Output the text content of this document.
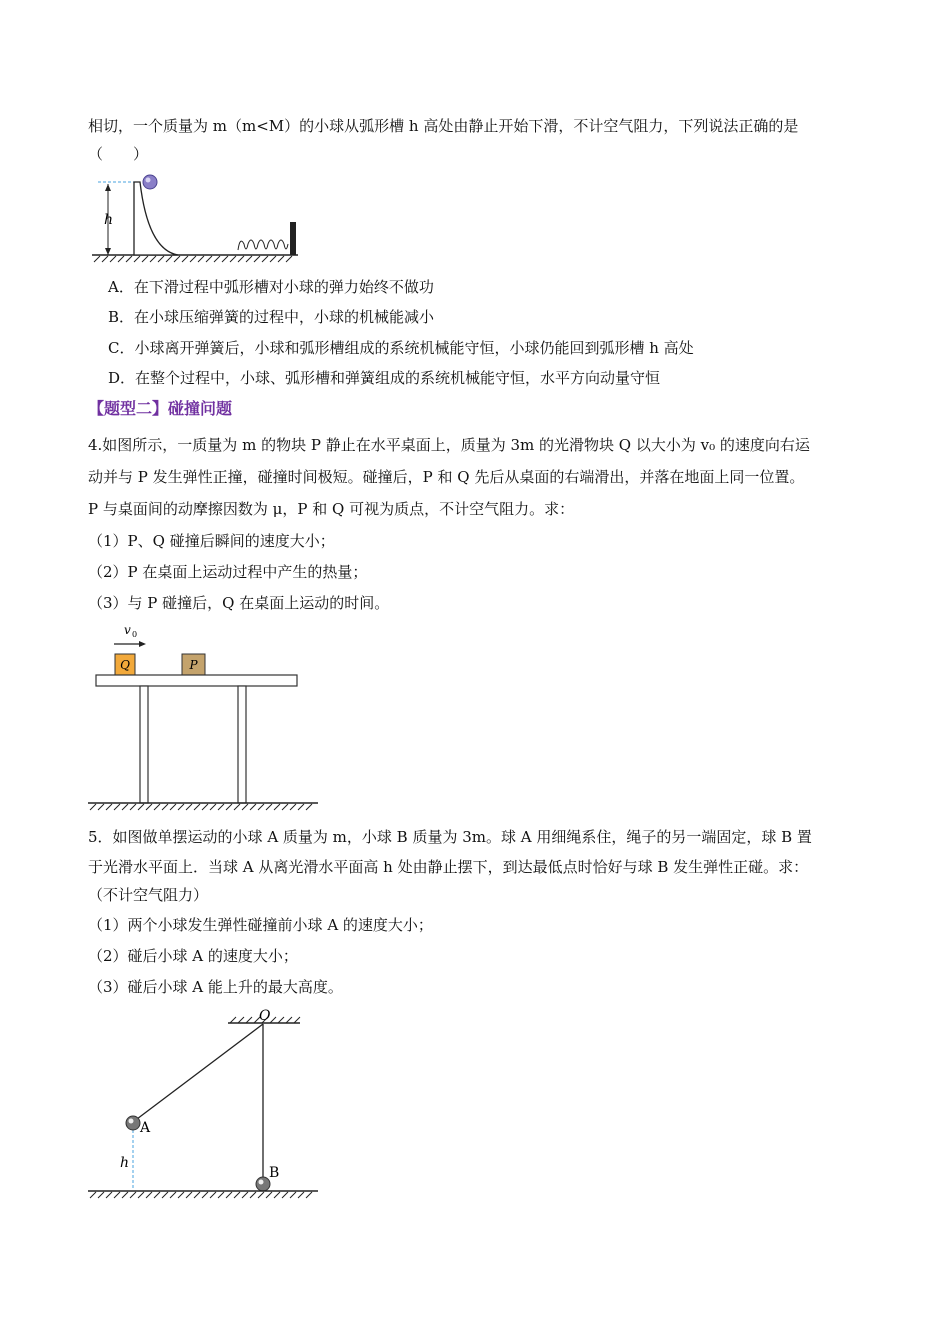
相切，一个质量为 m（m<M）的小球从弧形槽 h 高处由静止开始下滑，不计空气阻力，下列说法正确的是
（　　）
h
A．在下滑过程中弧形槽对小球的弹力始终不做功
B．在小球压缩弹簧的过程中，小球的机械能减小
C．小球离开弹簧后，小球和弧形槽组成的系统机械能守恒，小球仍能回到弧形槽 h 高处
D．在整个过程中，小球、弧形槽和弹簧组成的系统机械能守恒，水平方向动量守恒
【题型二】碰撞问题
4.如图所示，一质量为 m 的物块 P 静止在水平桌面上，质量为 3m 的光滑物块 Q 以大小为 v₀ 的速度向右运
动并与 P 发生弹性正撞，碰撞时间极短。碰撞后，P 和 Q 先后从桌面的右端滑出，并落在地面上同一位置。
P 与桌面间的动摩擦因数为 μ，P 和 Q 可视为质点，不计空气阻力。求：
（1）P、Q 碰撞后瞬间的速度大小；
（2）P 在桌面上运动过程中产生的热量；
（3）与 P 碰撞后，Q 在桌面上运动的时间。
v 0
Q	P
5．如图做单摆运动的小球 A 质量为 m，小球 B 质量为 3m。球 A 用细绳系住，绳子的另一端固定，球 B 置
于光滑水平面上．当球 A 从离光滑水平面高 h 处由静止摆下，到达最低点时恰好与球 B 发生弹性正碰。求：
（不计空气阻力）
（1）两个小球发生弹性碰撞前小球 A 的速度大小；
（2）碰后小球 A 的速度大小；
（3）碰后小球 A 能上升的最大高度。
O
h
A
B
